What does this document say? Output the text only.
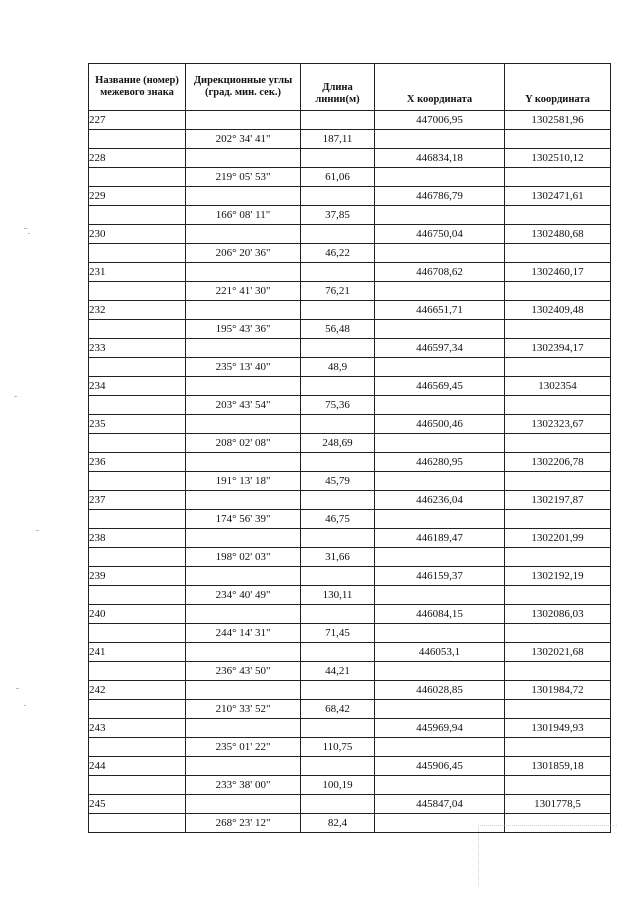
Название (номер) межевого знака	Дирекционные углы (град. мин. сек.)	Длина линии(м)	X координата	Y координата
227			447006,95	1302581,96
	202° 34' 41"	187,11		
228			446834,18	1302510,12
	219° 05' 53"	61,06		
229			446786,79	1302471,61
	166° 08' 11"	37,85		
230			446750,04	1302480,68
	206° 20' 36"	46,22		
231			446708,62	1302460,17
	221° 41' 30"	76,21		
232			446651,71	1302409,48
	195° 43' 36"	56,48		
233			446597,34	1302394,17
	235° 13' 40"	48,9		
234			446569,45	1302354
	203° 43' 54"	75,36		
235			446500,46	1302323,67
	208° 02' 08"	248,69		
236			446280,95	1302206,78
	191° 13' 18"	45,79		
237			446236,04	1302197,87
	174° 56' 39"	46,75		
238			446189,47	1302201,99
	198° 02' 03"	31,66		
239			446159,37	1302192,19
	234° 40' 49"	130,11		
240			446084,15	1302086,03
	244° 14' 31"	71,45		
241			446053,1	1302021,68
	236° 43' 50"	44,21		
242			446028,85	1301984,72
	210° 33' 52"	68,42		
243			445969,94	1301949,93
	235° 01' 22"	110,75		
244			445906,45	1301859,18
	233° 38' 00"	100,19		
245			445847,04	1301778,5
	268° 23' 12"	82,4		
